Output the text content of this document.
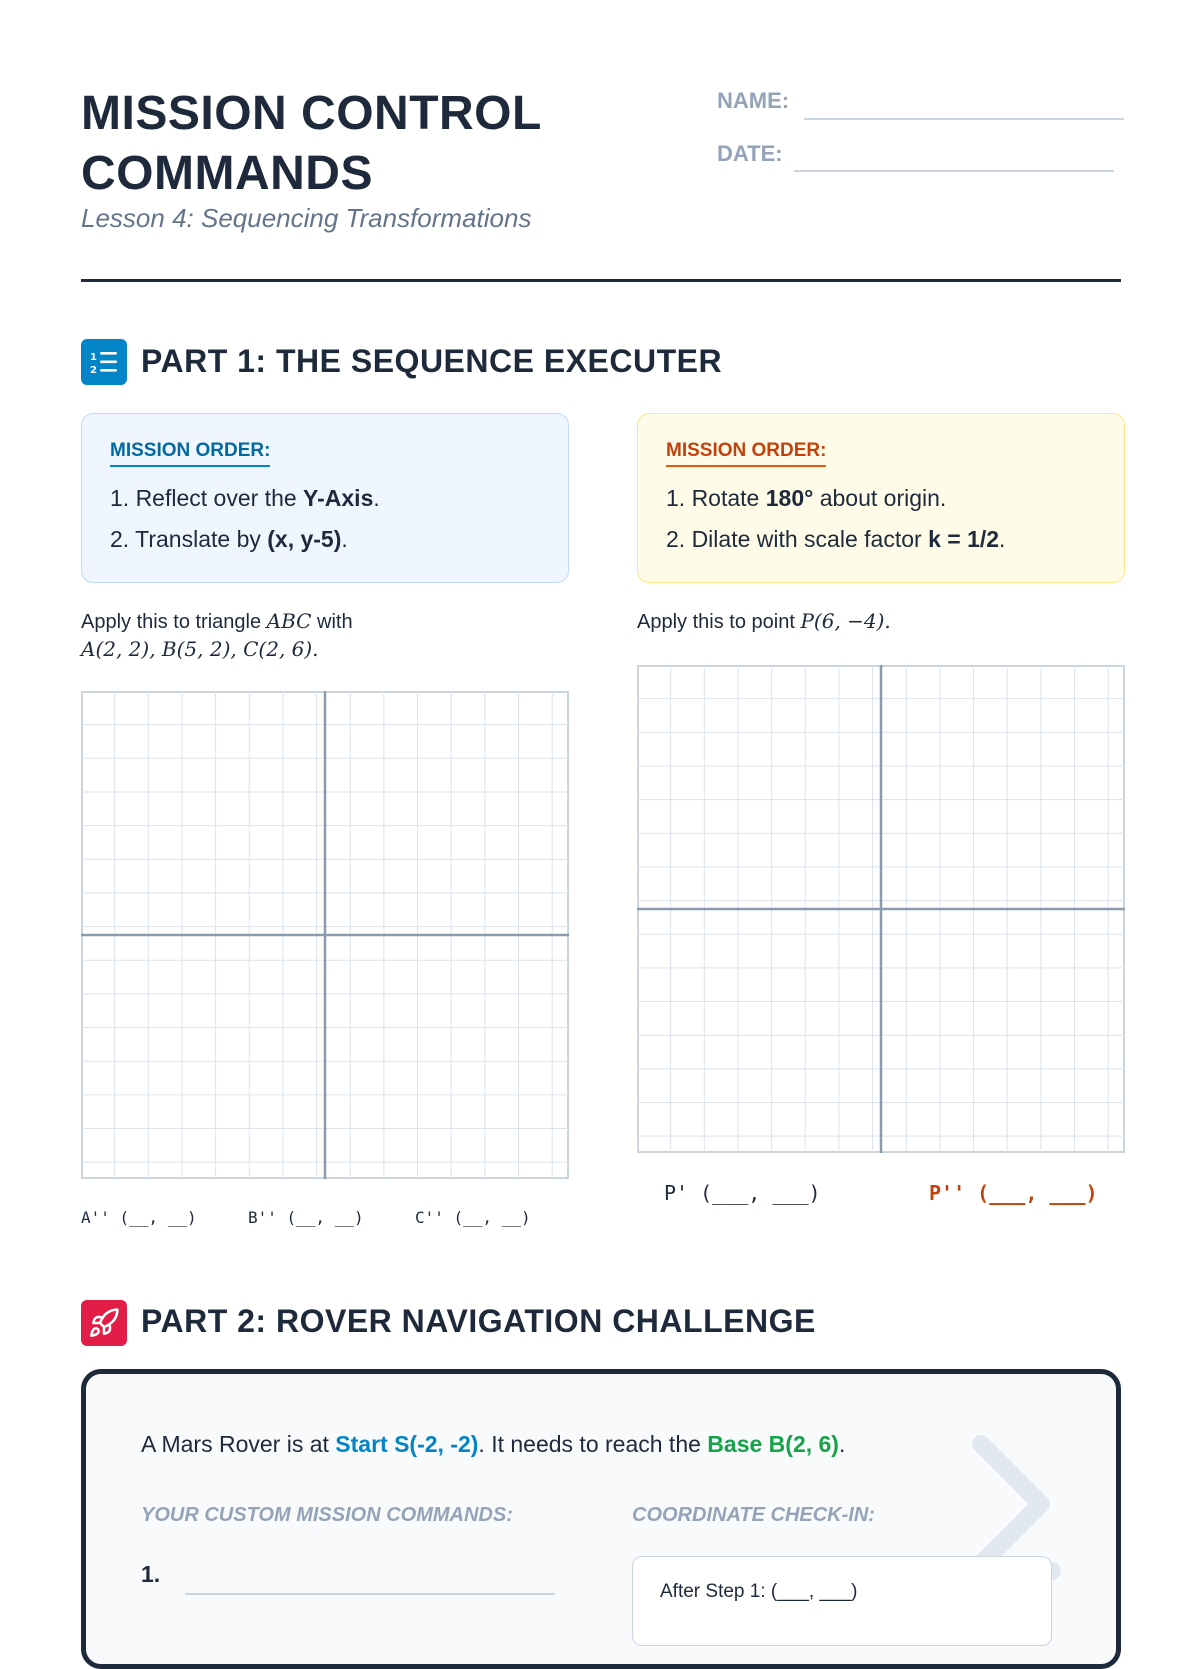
MISSION CONTROL
COMMANDS
Lesson 4: Sequencing Transformations
NAME:
DATE:
1
2 PART 1: THE SEQUENCE EXECUTER
MISSION ORDER:
1. Reflect over the Y-Axis.
2. Translate by (x, y-5).
MISSION ORDER:
1. Rotate 180° about origin.
2. Dilate with scale factor k = 1/2.
Apply this to triangle ABC with
A(2, 2), B(5, 2), C(2, 6).
Apply this to point P(6, −4).
A'' (__, __)	B'' (__, __)	C'' (__, __)
P' (___, ___)	P'' (___, ___)
PART 2: ROVER NAVIGATION CHALLENGE
A Mars Rover is at Start S(-2, -2). It needs to reach the Base B(2, 6).
YOUR CUSTOM MISSION COMMANDS:	COORDINATE CHECK-IN:
1.
After Step 1: (___, ___)
